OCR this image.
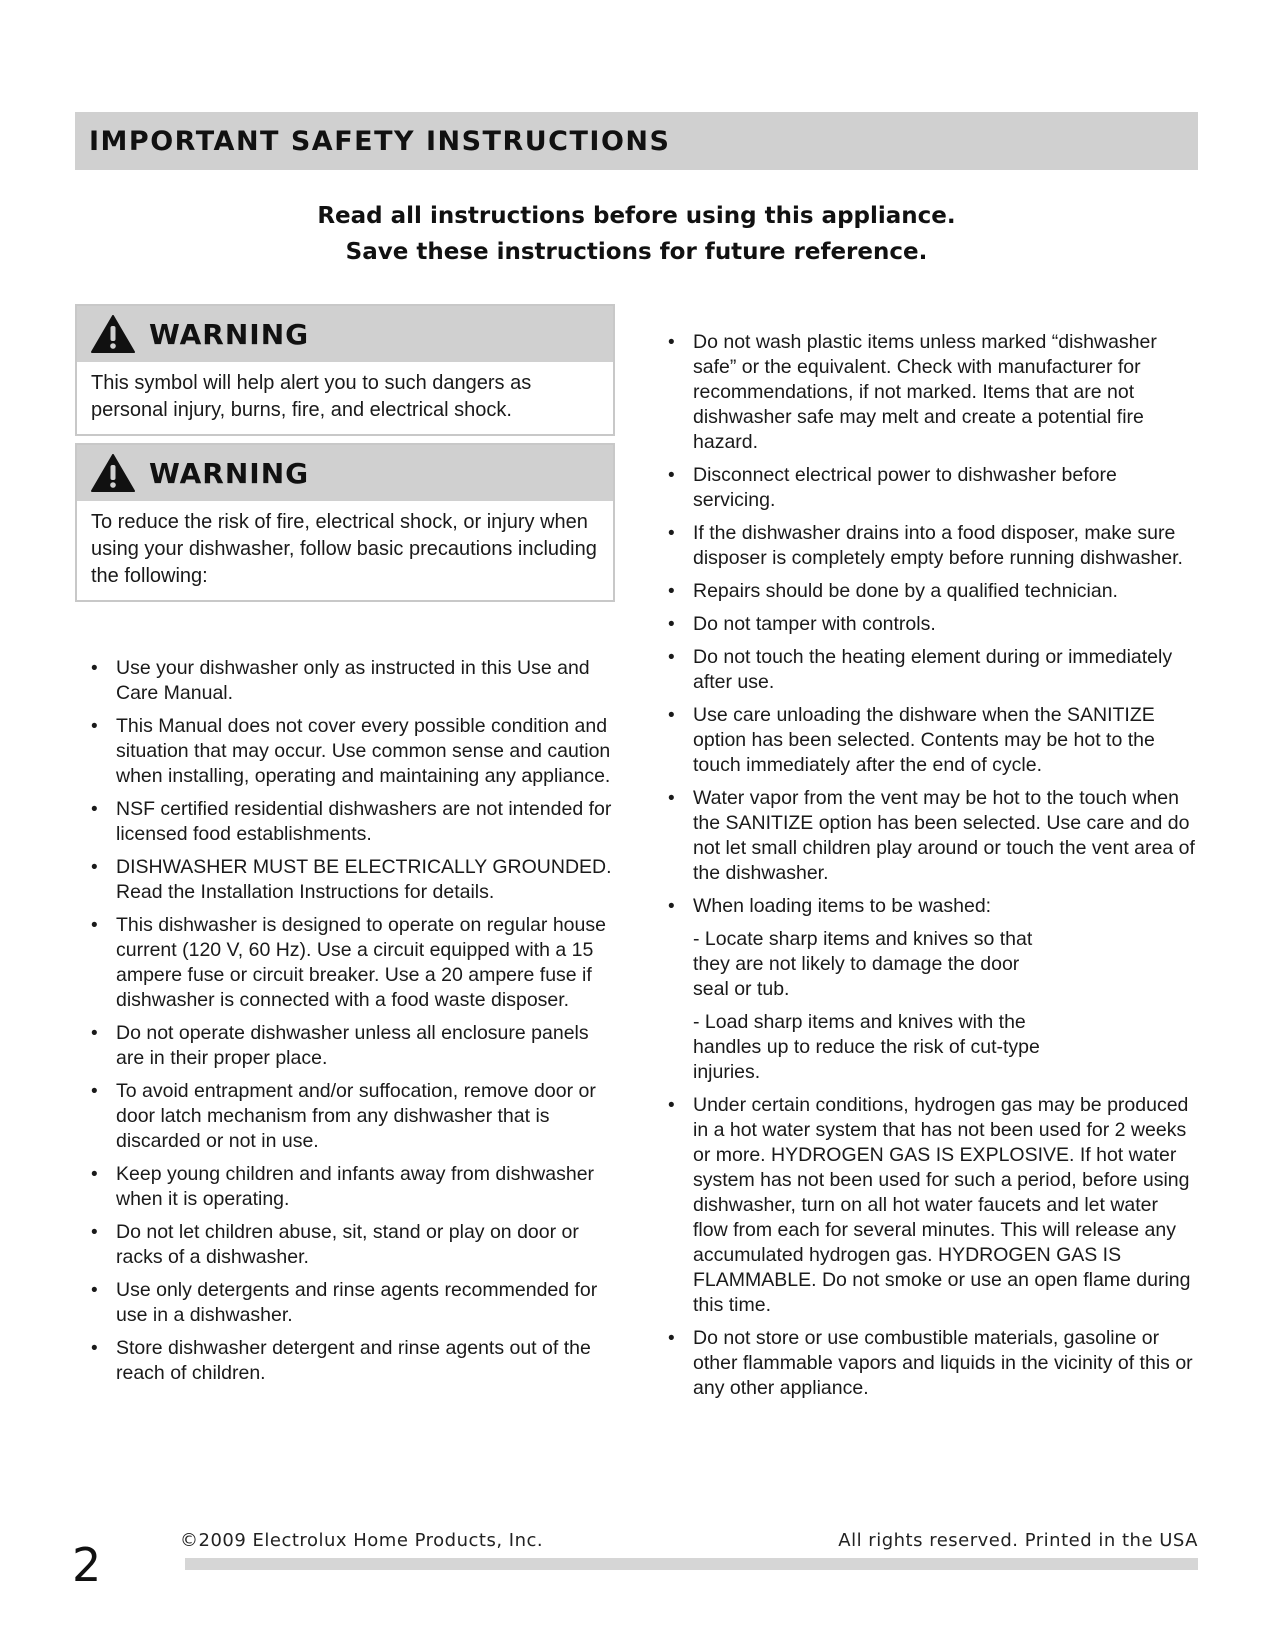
IMPORTANT SAFETY INSTRUCTIONS
Read all instructions before using this appliance.
Save these instructions for future reference.
WARNING
This symbol will help alert you to such dangers as personal injury, burns, fire, and electrical shock.
WARNING
To reduce the risk of fire, electrical shock, or injury when using your dishwasher, follow basic precautions including the following:
• Use your dishwasher only as instructed in this Use and Care Manual.
• This Manual does not cover every possible condition and situation that may occur. Use common sense and caution when installing, operating and maintaining any appliance.
• NSF certified residential dishwashers are not intended for licensed food establishments.
• DISHWASHER MUST BE ELECTRICALLY GROUNDED. Read the Installation Instructions for details.
• This dishwasher is designed to operate on regular house current (120 V, 60 Hz). Use a circuit equipped with a 15 ampere fuse or circuit breaker. Use a 20 ampere fuse if dishwasher is connected with a food waste disposer.
• Do not operate dishwasher unless all enclosure panels are in their proper place.
• To avoid entrapment and/or suffocation, remove door or door latch mechanism from any dishwasher that is discarded or not in use.
• Keep young children and infants away from dishwasher when it is operating.
• Do not let children abuse, sit, stand or play on door or racks of a dishwasher.
• Use only detergents and rinse agents recommended for use in a dishwasher.
• Store dishwasher detergent and rinse agents out of the reach of children.
• Do not wash plastic items unless marked “dishwasher safe” or the equivalent. Check with manufacturer for recommendations, if not marked. Items that are not dishwasher safe may melt and create a potential fire hazard.
• Disconnect electrical power to dishwasher before servicing.
• If the dishwasher drains into a food disposer, make sure disposer is completely empty before running dishwasher.
• Repairs should be done by a qualified technician.
• Do not tamper with controls.
• Do not touch the heating element during or immediately after use.
• Use care unloading the dishware when the SANITIZE option has been selected. Contents may be hot to the touch immediately after the end of cycle.
• Water vapor from the vent may be hot to the touch when the SANITIZE option has been selected. Use care and do not let small children play around or touch the vent area of the dishwasher.
• When loading items to be washed:
- Locate sharp items and knives so that they are not likely to damage the door seal or tub.
- Load sharp items and knives with the handles up to reduce the risk of cut-type injuries.
• Under certain conditions, hydrogen gas may be produced in a hot water system that has not been used for 2 weeks or more. HYDROGEN GAS IS EXPLOSIVE. If hot water system has not been used for such a period, before using dishwasher, turn on all hot water faucets and let water flow from each for several minutes. This will release any accumulated hydrogen gas. HYDROGEN GAS IS FLAMMABLE. Do not smoke or use an open flame during this time.
• Do not store or use combustible materials, gasoline or other flammable vapors and liquids in the vicinity of this or any other appliance.
2	©2009 Electrolux Home Products, Inc.	All rights reserved. Printed in the USA
